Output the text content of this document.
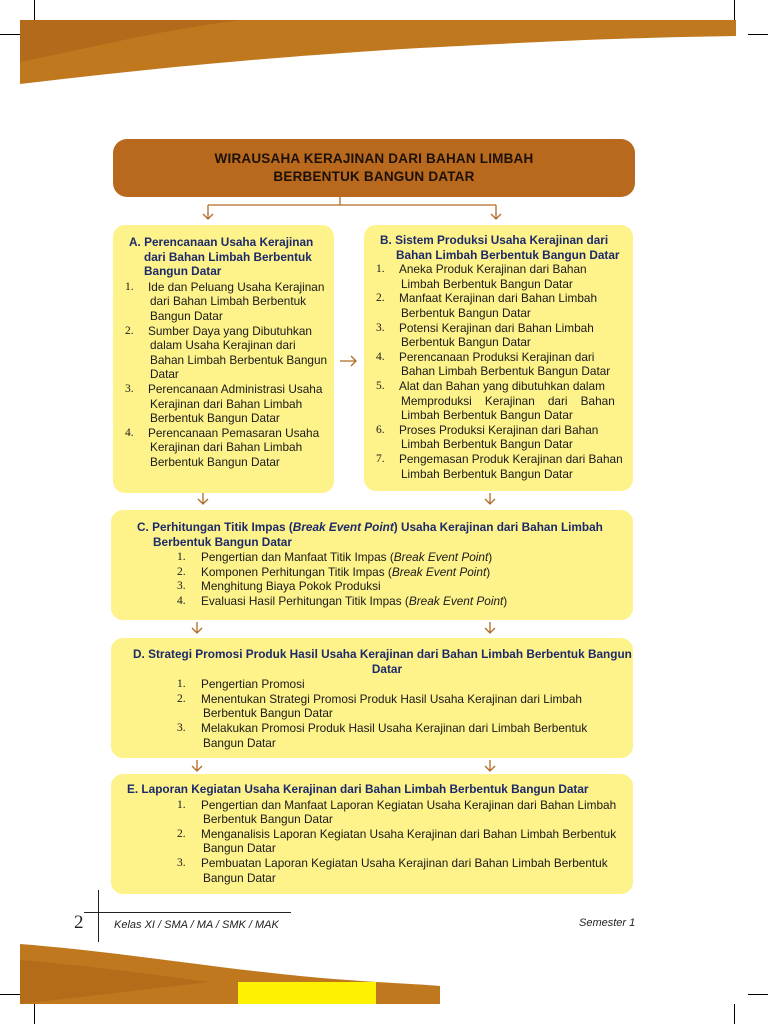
WIRAUSAHA KERAJINAN DARI BAHAN LIMBAH
BERBENTUK BANGUN DATAR
A. Perencanaan Usaha Kerajinan
dari Bahan Limbah Berbentuk
Bangun Datar
1. Ide dan Peluang Usaha Kerajinan
dari Bahan Limbah Berbentuk
Bangun Datar
2. Sumber Daya yang Dibutuhkan
dalam Usaha Kerajinan dari
Bahan Limbah Berbentuk Bangun
Datar
3. Perencanaan Administrasi Usaha
Kerajinan dari Bahan Limbah
Berbentuk Bangun Datar
4. Perencanaan Pemasaran Usaha
Kerajinan dari Bahan Limbah
Berbentuk Bangun Datar
B. Sistem Produksi Usaha Kerajinan dari
Bahan Limbah Berbentuk Bangun Datar
1. Aneka Produk Kerajinan dari Bahan
Limbah Berbentuk Bangun Datar
2. Manfaat Kerajinan dari Bahan Limbah
Berbentuk Bangun Datar
3. Potensi Kerajinan dari Bahan Limbah
Berbentuk Bangun Datar
4. Perencanaan Produksi Kerajinan dari
Bahan Limbah Berbentuk Bangun Datar
5. Alat dan Bahan yang dibutuhkan dalam
Memproduksi    Kerajinan    dari    Bahan
Limbah Berbentuk Bangun Datar
6. Proses Produksi Kerajinan dari Bahan
Limbah Berbentuk Bangun Datar
7. Pengemasan Produk Kerajinan dari Bahan
Limbah Berbentuk Bangun Datar
C. Perhitungan Titik Impas (Break Event Point) Usaha Kerajinan dari Bahan Limbah
Berbentuk Bangun Datar
1. Pengertian dan Manfaat Titik Impas (Break Event Point)
2. Komponen Perhitungan Titik Impas (Break Event Point)
3. Menghitung Biaya Pokok Produksi
4. Evaluasi Hasil Perhitungan Titik Impas (Break Event Point)
D. Strategi Promosi Produk Hasil Usaha Kerajinan dari Bahan Limbah Berbentuk Bangun
Datar
1. Pengertian Promosi
2. Menentukan Strategi Promosi Produk Hasil Usaha Kerajinan dari Limbah
Berbentuk Bangun Datar
3. Melakukan Promosi Produk Hasil Usaha Kerajinan dari Limbah Berbentuk
Bangun Datar
E. Laporan Kegiatan Usaha Kerajinan dari Bahan Limbah Berbentuk Bangun Datar
1. Pengertian dan Manfaat Laporan Kegiatan Usaha Kerajinan dari Bahan Limbah
Berbentuk Bangun Datar
2. Menganalisis Laporan Kegiatan Usaha Kerajinan dari Bahan Limbah Berbentuk
Bangun Datar
3. Pembuatan Laporan Kegiatan Usaha Kerajinan dari Bahan Limbah Berbentuk
Bangun Datar
2	Kelas XI / SMA / MA / SMK / MAK	Semester 1
